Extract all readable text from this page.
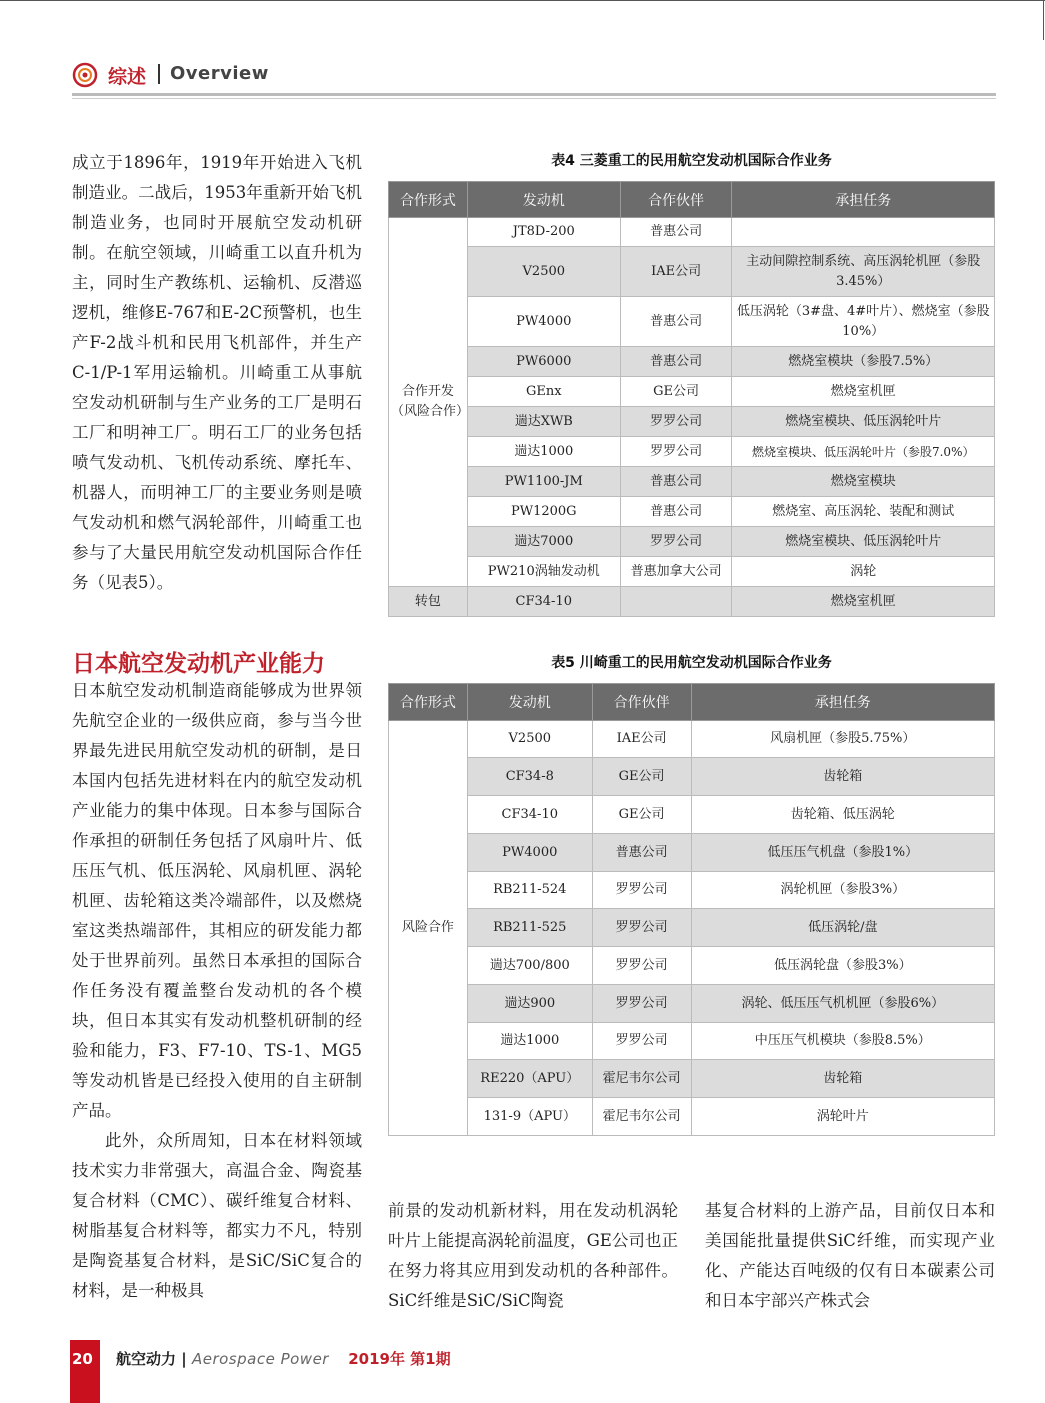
综述 Overview

成立于1896年，1919年开始进入飞机制造业。二战后，1953年重新开始飞机制造业务，也同时开展航空发动机研制。在航空领域，川崎重工以直升机为主，同时生产教练机、运输机、反潜巡逻机，维修E-767和E-2C预警机，也生产F-2战斗机和民用飞机部件，并生产C-1/P-1军用运输机。川崎重工从事航空发动机研制与生产业务的工厂是明石工厂和明神工厂。明石工厂的业务包括喷气发动机、飞机传动系统、摩托车、机器人，而明神工厂的主要业务则是喷气发动机和燃气涡轮部件，川崎重工也参与了大量民用航空发动机国际合作任务（见表5）。

日本航空发动机产业能力

日本航空发动机制造商能够成为世界领先航空企业的一级供应商，参与当今世界最先进民用航空发动机的研制，是日本国内包括先进材料在内的航空发动机产业能力的集中体现。日本参与国际合作承担的研制任务包括了风扇叶片、低压压气机、低压涡轮、风扇机匣、涡轮机匣、齿轮箱这类冷端部件，以及燃烧室这类热端部件，其相应的研发能力都处于世界前列。虽然日本承担的国际合作任务没有覆盖整台发动机的各个模块，但日本其实有发动机整机研制的经验和能力，F3、F7-10、TS-1、MG5等发动机皆是已经投入使用的自主研制产品。

此外，众所周知，日本在材料领域技术实力非常强大，高温合金、陶瓷基复合材料（CMC）、碳纤维复合材料、树脂基复合材料等，都实力不凡，特别是陶瓷基复合材料，是SiC/SiC复合的材料，是一种极具

前景的发动机新材料，用在发动机涡轮叶片上能提高涡轮前温度，GE公司也正在努力将其应用到发动机的各种部件。SiC纤维是SiC/SiC陶瓷

基复合材料的上游产品，目前仅日本和美国能批量提供SiC纤维，而实现产业化、产能达百吨级的仅有日本碳素公司和日本宇部兴产株式会

表4 三菱重工的民用航空发动机国际合作业务
合作形式	发动机	合作伙伴	承担任务
合作开发（风险合作）	JT8D-200	普惠公司	
	V2500	IAE公司	主动间隙控制系统、高压涡轮机匣（参股3.45%）
	PW4000	普惠公司	低压涡轮（3#盘、4#叶片）、燃烧室（参股10%）
	PW6000	普惠公司	燃烧室模块（参股7.5%）
	GEnx	GE公司	燃烧室机匣
	遄达XWB	罗罗公司	燃烧室模块、低压涡轮叶片
	遄达1000	罗罗公司	燃烧室模块、低压涡轮叶片（参股7.0%）
	PW1100-JM	普惠公司	燃烧室模块
	PW1200G	普惠公司	燃烧室、高压涡轮、装配和测试
	遄达7000	罗罗公司	燃烧室模块、低压涡轮叶片
	PW210涡轴发动机	普惠加拿大公司	涡轮
转包	CF34-10		燃烧室机匣
表5 川崎重工的民用航空发动机国际合作业务
合作形式	发动机	合作伙伴	承担任务
风险合作	V2500	IAE公司	风扇机匣（参股5.75%）
	CF34-8	GE公司	齿轮箱
	CF34-10	GE公司	齿轮箱、低压涡轮
	PW4000	普惠公司	低压压气机盘（参股1%）
	RB211-524	罗罗公司	涡轮机匣（参股3%）
	RB211-525	罗罗公司	低压涡轮/盘
	遄达700/800	罗罗公司	低压涡轮盘（参股3%）
	遄达900	罗罗公司	涡轮、低压压气机机匣（参股6%）
	遄达1000	罗罗公司	中压压气机模块（参股8.5%）
	RE220（APU）	霍尼韦尔公司	齿轮箱
	131-9（APU）	霍尼韦尔公司	涡轮叶片
20 航空动力 | Aerospace Power 2019年 第1期
